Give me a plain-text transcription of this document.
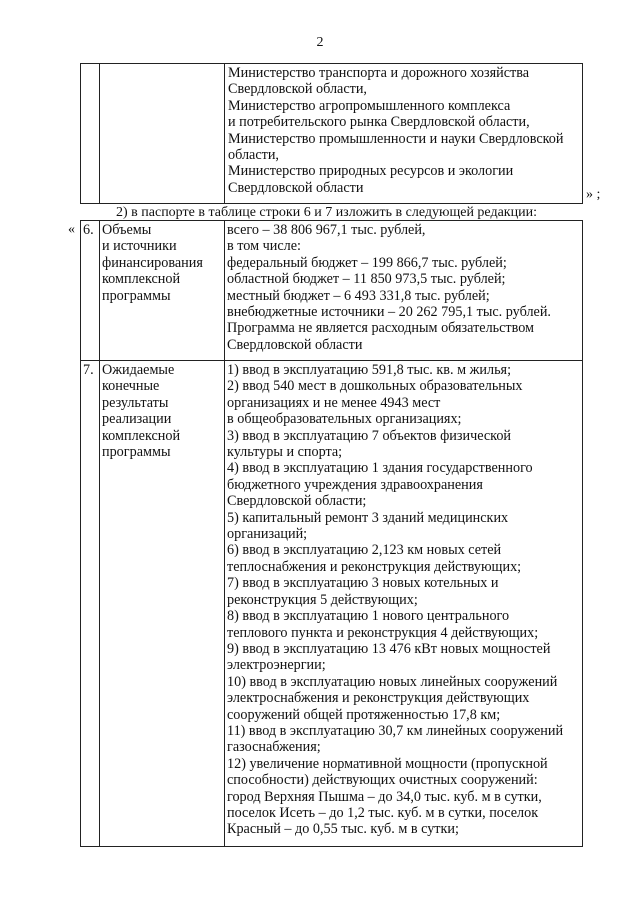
2
Министерство транспорта и дорожного хозяйства
Свердловской области,
Министерство агропромышленного комплекса
и потребительского рынка Свердловской области,
Министерство промышленности и науки Свердловской
области,
Министерство природных ресурсов и экологии
Свердловской области	» ;
2) в паспорте в таблице строки 6 и 7 изложить в следующей редакции:
« 6. Объемы
и источники
финансирования
комплексной
программы
всего – 38 806 967,1 тыс. рублей,
в том числе:
федеральный бюджет – 199 866,7 тыс. рублей;
областной бюджет – 11 850 973,5 тыс. рублей;
местный бюджет – 6 493 331,8 тыс. рублей;
внебюджетные источники – 20 262 795,1 тыс. рублей.
Программа не является расходным обязательством
Свердловской области
7. Ожидаемые
конечные
результаты
реализации
комплексной
программы
1) ввод в эксплуатацию 591,8 тыс. кв. м жилья;
2) ввод 540 мест в дошкольных образовательных
организациях и не менее 4943 мест
в общеобразовательных организациях;
3) ввод в эксплуатацию 7 объектов физической
культуры и спорта;
4) ввод в эксплуатацию 1 здания государственного
бюджетного учреждения здравоохранения
Свердловской области;
5) капитальный ремонт 3 зданий медицинских
организаций;
6) ввод в эксплуатацию 2,123 км новых сетей
теплоснабжения и реконструкция действующих;
7) ввод в эксплуатацию 3 новых котельных и
реконструкция 5 действующих;
8) ввод в эксплуатацию 1 нового центрального
теплового пункта и реконструкция 4 действующих;
9) ввод в эксплуатацию 13 476 кВт новых мощностей
электроэнергии;
10) ввод в эксплуатацию новых линейных сооружений
электроснабжения и реконструкция действующих
сооружений общей протяженностью 17,8 км;
11) ввод в эксплуатацию 30,7 км линейных сооружений
газоснабжения;
12) увеличение нормативной мощности (пропускной
способности) действующих очистных сооружений:
город Верхняя Пышма – до 34,0 тыс. куб. м в сутки,
поселок Исеть – до 1,2 тыс. куб. м в сутки, поселок
Красный – до 0,55 тыс. куб. м в сутки;
